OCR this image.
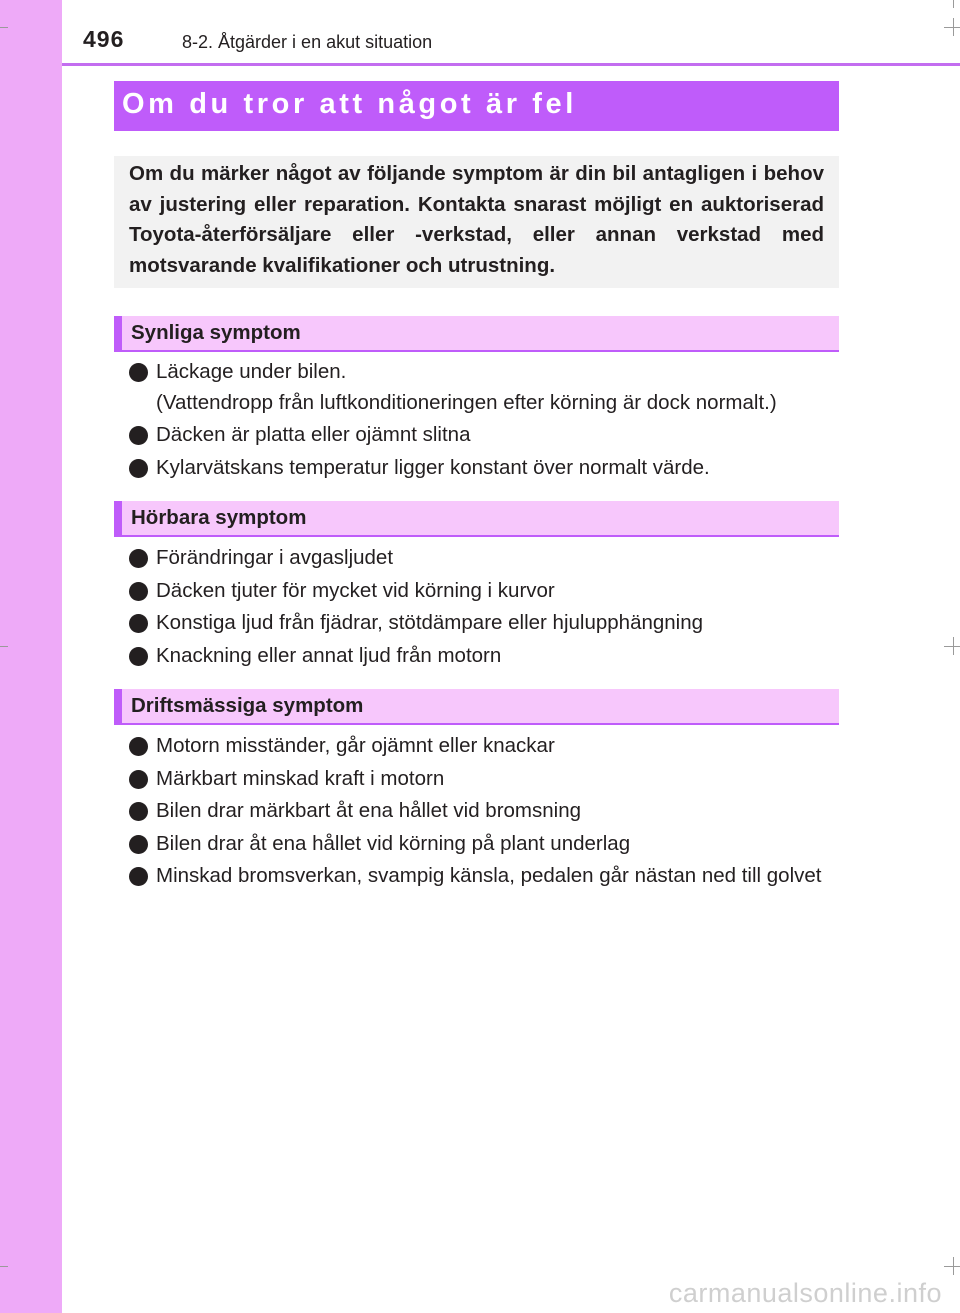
496	8-2. Åtgärder i en akut situation
Om du tror att något är fel

Om du märker något av följande symptom är din bil antagligen i behov av justering eller reparation. Kontakta snarast möjligt en auktoriserad Toyota-återförsäljare eller -verkstad, eller annan verkstad med motsvarande kvalifikationer och utrustning.

Synliga symptom
Läckage under bilen.
(Vattendropp från luftkonditioneringen efter körning är dock normalt.)
Däcken är platta eller ojämnt slitna
Kylarvätskans temperatur ligger konstant över normalt värde.
Hörbara symptom
Förändringar i avgasljudet
Däcken tjuter för mycket vid körning i kurvor
Konstiga ljud från fjädrar, stötdämpare eller hjulupphängning
Knackning eller annat ljud från motorn
Driftsmässiga symptom
Motorn misständer, går ojämnt eller knackar
Märkbart minskad kraft i motorn
Bilen drar märkbart åt ena hållet vid bromsning
Bilen drar åt ena hållet vid körning på plant underlag
Minskad bromsverkan, svampig känsla, pedalen går nästan ned till golvet
carmanualsonline.info
